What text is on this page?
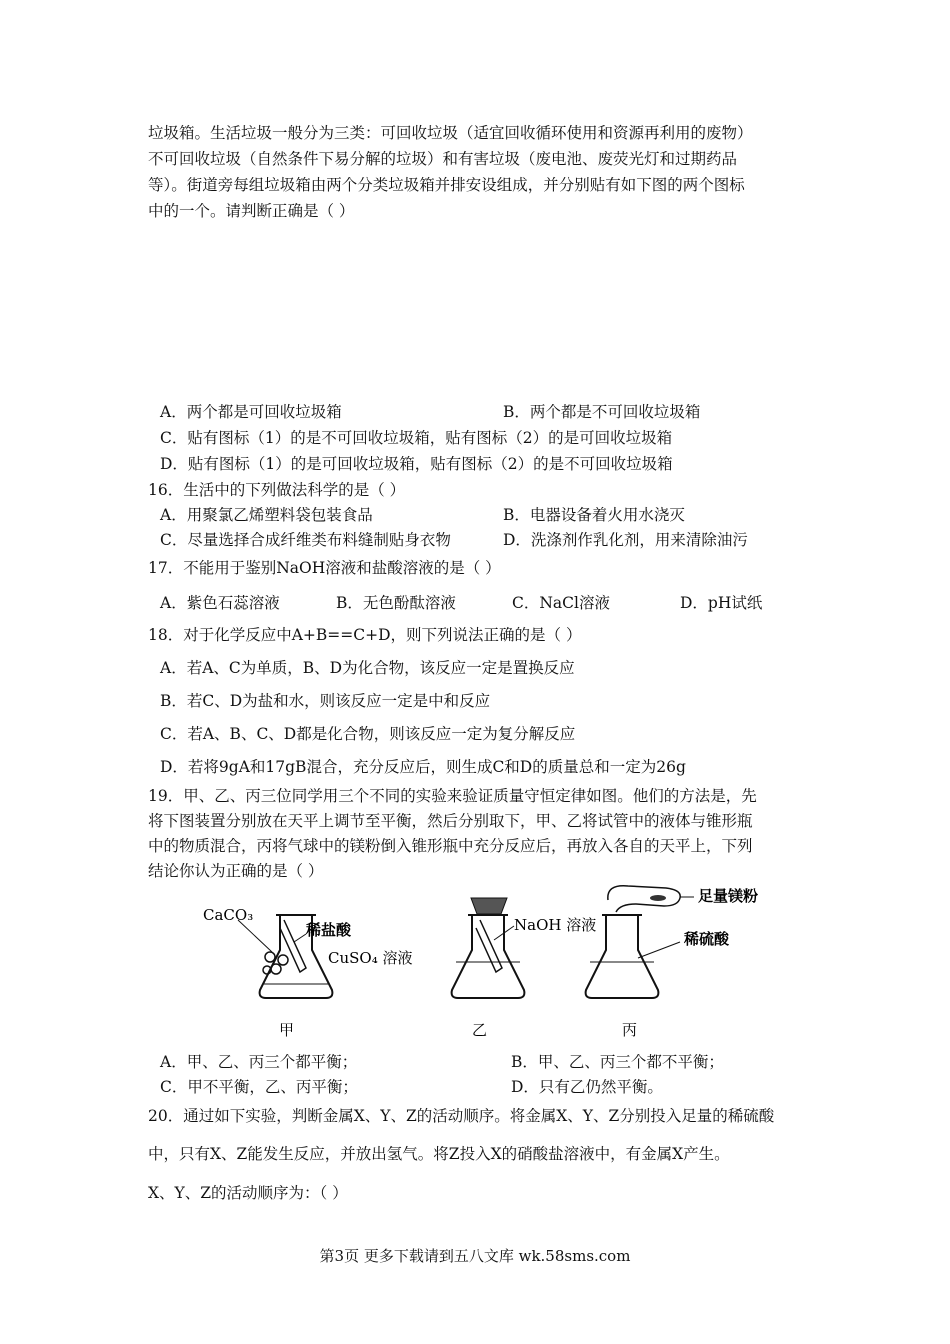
垃圾箱。生活垃圾一般分为三类：可回收垃圾（适宜回收循环使用和资源再利用的废物）
不可回收垃圾（自然条件下易分解的垃圾）和有害垃圾（废电池、废荧光灯和过期药品
等）。街道旁每组垃圾箱由两个分类垃圾箱并排安设组成，并分别贴有如下图的两个图标
中的一个。请判断正确是（ ）
A．两个都是可回收垃圾箱	B．两个都是不可回收垃圾箱
C．贴有图标（1）的是不可回收垃圾箱，贴有图标（2）的是可回收垃圾箱
D．贴有图标（1）的是可回收垃圾箱，贴有图标（2）的是不可回收垃圾箱
16．生活中的下列做法科学的是（ ）
A．用聚氯乙烯塑料袋包装食品	B．电器设备着火用水浇灭
C．尽量选择合成纤维类布料缝制贴身衣物	D．洗涤剂作乳化剂，用来清除油污
17．不能用于鉴别NaOH溶液和盐酸溶液的是（ ）
A．紫色石蕊溶液	B．无色酚酞溶液	C．NaCl溶液	D．pH试纸
18．对于化学反应中A+B==C+D，则下列说法正确的是（ ）
A．若A、C为单质，B、D为化合物，该反应一定是置换反应
B．若C、D为盐和水，则该反应一定是中和反应
C．若A、B、C、D都是化合物，则该反应一定为复分解反应
D．若将9gA和17gB混合，充分反应后，则生成C和D的质量总和一定为26g
19．甲、乙、丙三位同学用三个不同的实验来验证质量守恒定律如图。他们的方法是，先
将下图装置分别放在天平上调节至平衡，然后分别取下，甲、乙将试管中的液体与锥形瓶
中的物质混合，丙将气球中的镁粉倒入锥形瓶中充分反应后，再放入各自的天平上，下列
结论你认为正确的是（ ）
CaCO₃
稀盐酸
CuSO₄ 溶液
NaOH 溶液
足量镁粉
稀硫酸
甲	乙	丙
A．甲、乙、丙三个都平衡；	B．甲、乙、丙三个都不平衡；
C．甲不平衡，乙、丙平衡；	D．只有乙仍然平衡。
20．通过如下实验，判断金属X、Y、Z的活动顺序。将金属X、Y、Z分别投入足量的稀硫酸
中，只有X、Z能发生反应，并放出氢气。将Z投入X的硝酸盐溶液中，有金属X产生。
X、Y、Z的活动顺序为：（ ）
第3页 更多下载请到五八文库 wk.58sms.com
